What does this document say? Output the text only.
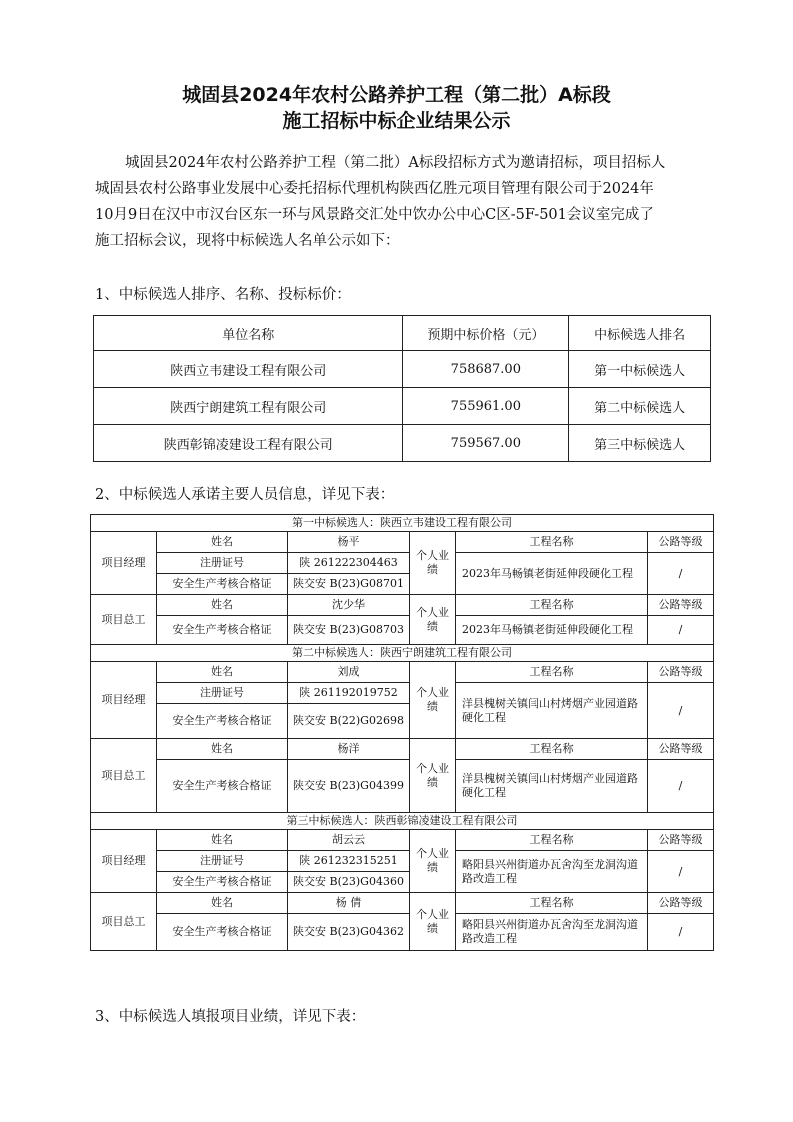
城固县2024年农村公路养护工程（第二批）A标段
施工招标中标企业结果公示
城固县2024年农村公路养护工程（第二批）A标段招标方式为邀请招标，项目招标人
城固县农村公路事业发展中心委托招标代理机构陕西亿胜元项目管理有限公司于2024年
10月9日在汉中市汉台区东一环与风景路交汇处中饮办公中心C区-5F-501会议室完成了
施工招标会议，现将中标候选人名单公示如下：
1、中标候选人排序、名称、投标标价：
单位名称	预期中标价格（元）	中标候选人排名
陕西立韦建设工程有限公司	758687.00	第一中标候选人
陕西宁朗建筑工程有限公司	755961.00	第二中标候选人
陕西彰锦凌建设工程有限公司	759567.00	第三中标候选人
2、中标候选人承诺主要人员信息，详见下表：
第一中标候选人：陕西立韦建设工程有限公司					
项目经理	姓名	杨平	个人业绩	工程名称	公路等级
	注册证号	陕 261222304463		2023年马畅镇老街延伸段硬化工程	/
	安全生产考核合格证	陕交安 B(23)G08701			
项目总工	姓名	沈少华	个人业绩	工程名称	公路等级
	安全生产考核合格证	陕交安 B(23)G08703		2023年马畅镇老街延伸段硬化工程	/
第二中标候选人：陕西宁朗建筑工程有限公司					
项目经理	姓名	刘成	个人业绩	工程名称	公路等级
	注册证号	陕 261192019752		洋县槐树关镇闫山村烤烟产业园道路硬化工程	/
	安全生产考核合格证	陕交安 B(22)G02698			
项目总工	姓名	杨洋	个人业绩	工程名称	公路等级
	安全生产考核合格证	陕交安 B(23)G04399		洋县槐树关镇闫山村烤烟产业园道路硬化工程	/
第三中标候选人：陕西彰锦凌建设工程有限公司					
项目经理	姓名	胡云云	个人业绩	工程名称	公路等级
	注册证号	陕 261232315251		略阳县兴州街道办瓦舍沟至龙洞沟道路改造工程	/
	安全生产考核合格证	陕交安 B(23)G04360			
项目总工	姓名	杨 倩	个人业绩	工程名称	公路等级
	安全生产考核合格证	陕交安 B(23)G04362		略阳县兴州街道办瓦舍沟至龙洞沟道路改造工程	/
3、中标候选人填报项目业绩，详见下表：
